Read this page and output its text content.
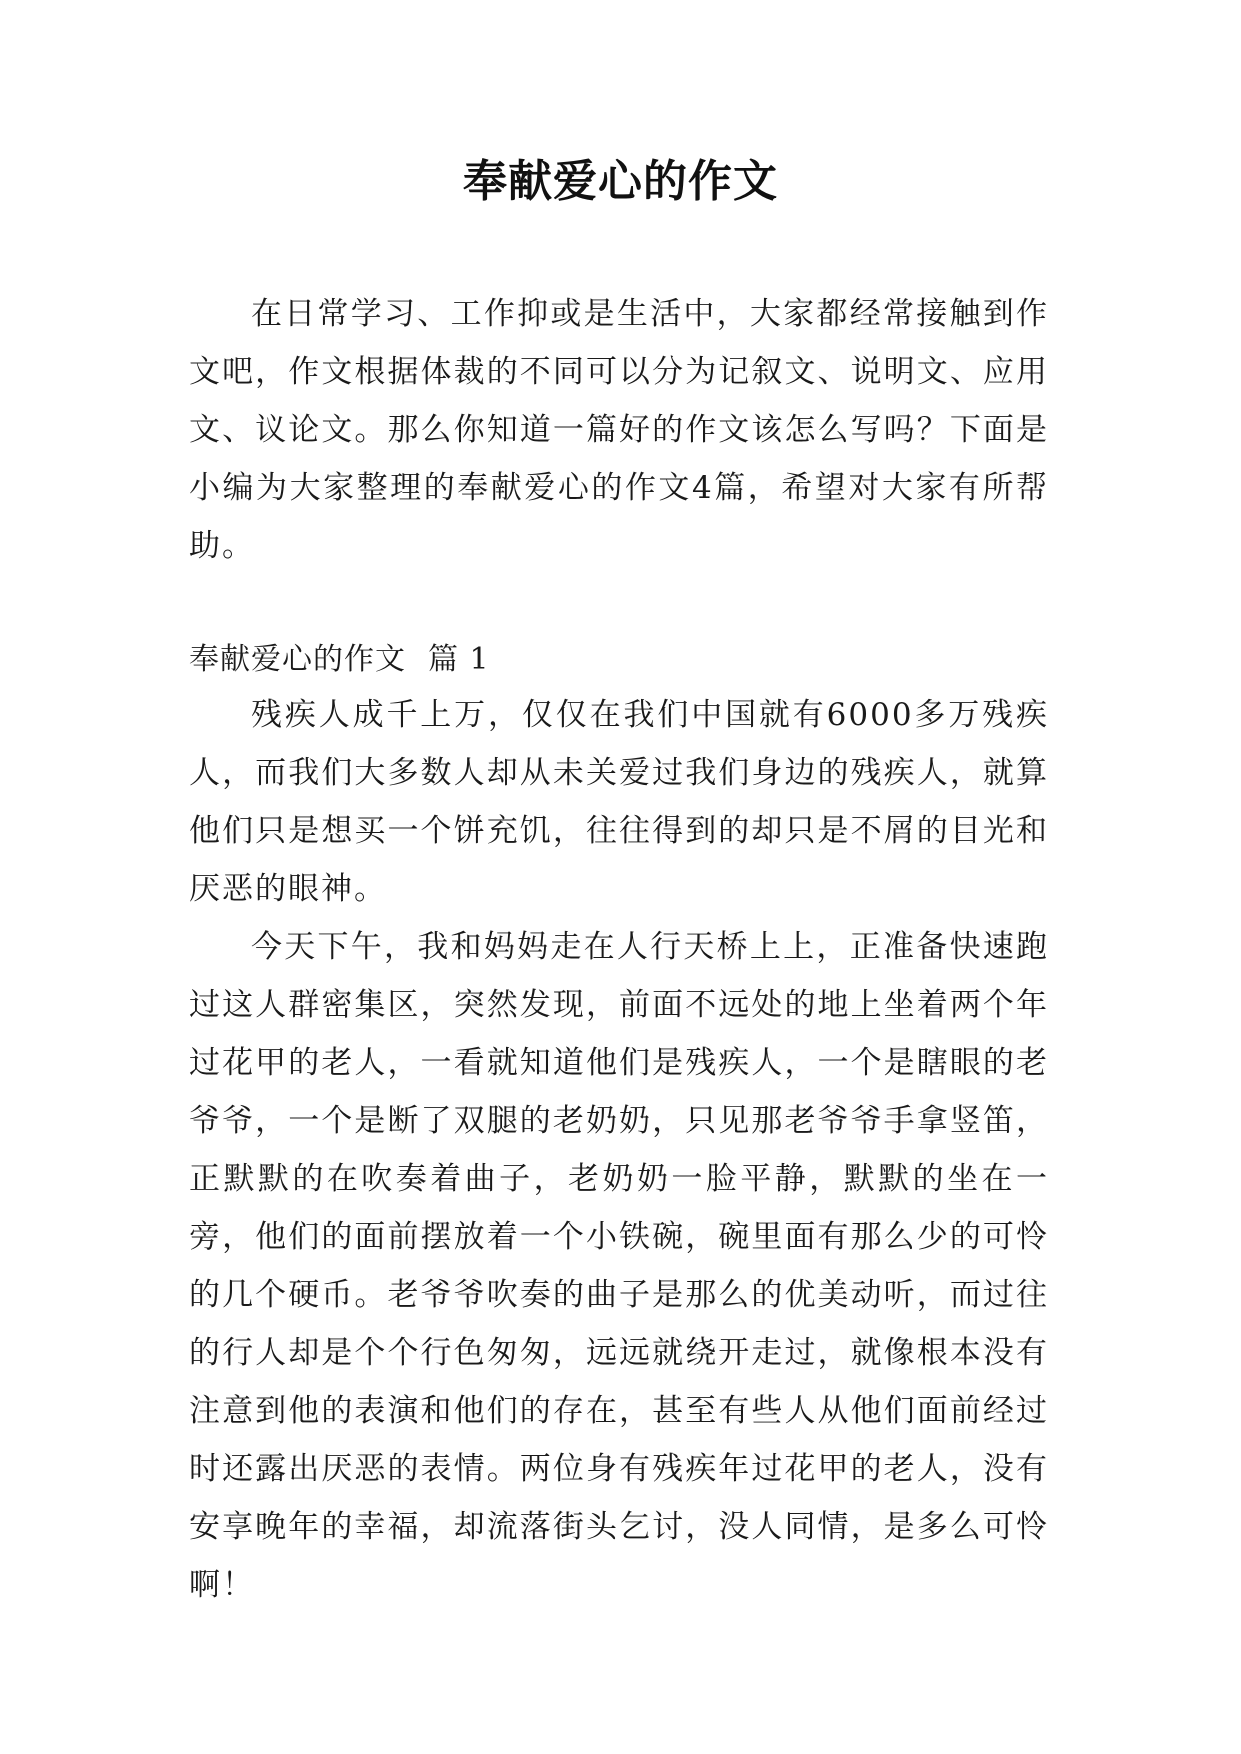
奉献爱心的作文

在日常学习、工作抑或是生活中，大家都经常接触到作文吧，作文根据体裁的不同可以分为记叙文、说明文、应用文、议论文。那么你知道一篇好的作文该怎么写吗？下面是小编为大家整理的奉献爱心的作文4篇，希望对大家有所帮助。

奉献爱心的作文 篇 1

残疾人成千上万，仅仅在我们中国就有6000多万残疾人，而我们大多数人却从未关爱过我们身边的残疾人，就算他们只是想买一个饼充饥，往往得到的却只是不屑的目光和厌恶的眼神。

今天下午，我和妈妈走在人行天桥上上，正准备快速跑过这人群密集区，突然发现，前面不远处的地上坐着两个年过花甲的老人，一看就知道他们是残疾人，一个是瞎眼的老爷爷，一个是断了双腿的老奶奶，只见那老爷爷手拿竖笛，正默默的在吹奏着曲子，老奶奶一脸平静，默默的坐在一旁，他们的面前摆放着一个小铁碗，碗里面有那么少的可怜的几个硬币。老爷爷吹奏的曲子是那么的优美动听，而过往的行人却是个个行色匆匆，远远就绕开走过，就像根本没有注意到他的表演和他们的存在，甚至有些人从他们面前经过时还露出厌恶的表情。两位身有残疾年过花甲的老人，没有安享晚年的幸福，却流落街头乞讨，没人同情，是多么可怜啊！
